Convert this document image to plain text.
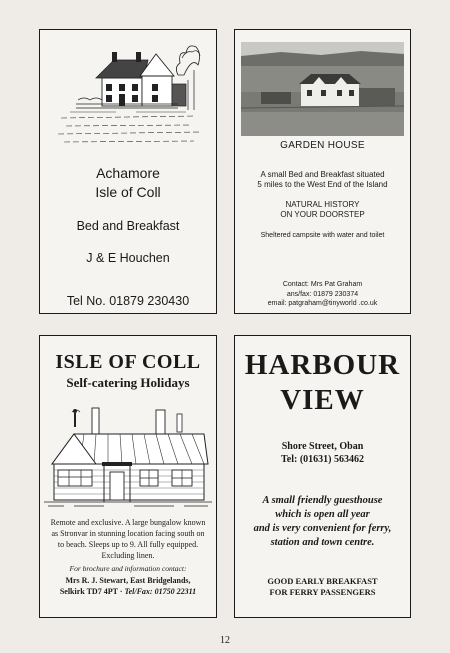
Achamore
Isle of Coll
Bed and Breakfast
J & E Houchen
Tel No. 01879 230430
GARDEN HOUSE
A small Bed and Breakfast situated
5 miles to the West End of the Island
NATURAL HISTORY
ON YOUR DOORSTEP
Sheltered campsite with water and toilet
Contact: Mrs Pat Graham
ans/fax: 01879 230374
email: patgraham@tinyworld .co.uk
ISLE OF COLL
Self-catering Holidays
Remote and exclusive. A large bungalow known
as Stronvar in stunning location facing south on
to beach. Sleeps up to 9. All fully equipped.
Excluding linen.
For brochure and information contact:
Mrs R. J. Stewart, East Bridgelands,
Selkirk TD7 4PT · Tel/Fax: 01750 22311
HARBOUR
VIEW
Shore Street, Oban
Tel: (01631) 563462
A small friendly guesthouse
which is open all year
and is very convenient for ferry,
station and town centre.
GOOD EARLY BREAKFAST
FOR FERRY PASSENGERS
12
